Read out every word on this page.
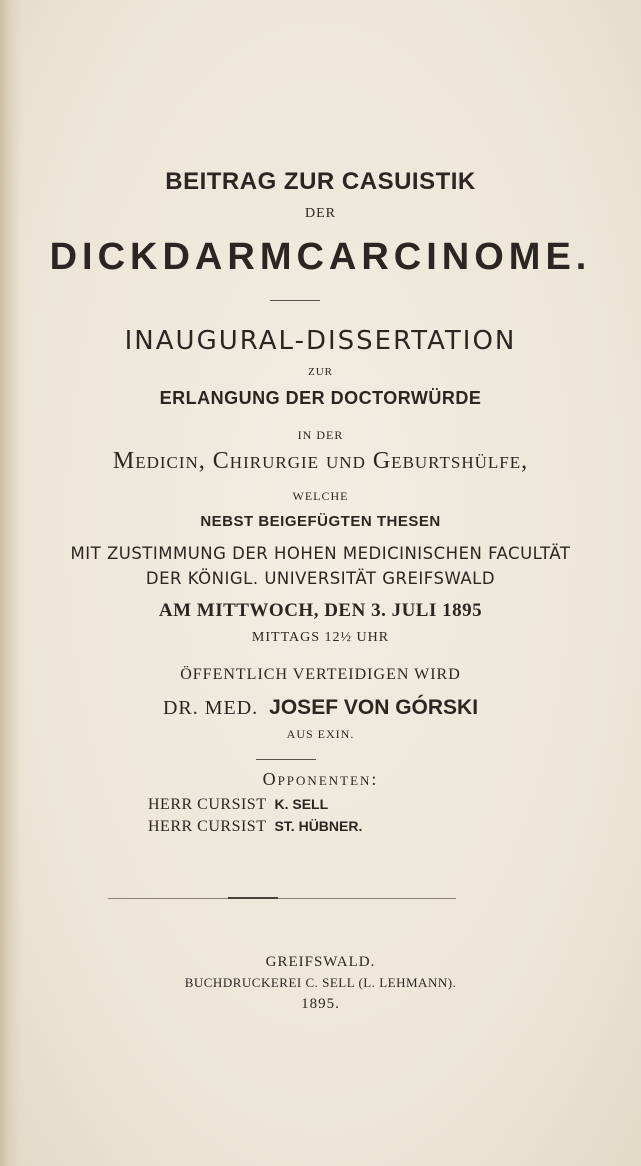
BEITRAG ZUR CASUISTIK
DER
DICKDARMCARCINOME.
INAUGURAL-DISSERTATION
ZUR
ERLANGUNG DER DOCTORWÜRDE
IN DER
Medicin, Chirurgie und Geburtshülfe,
WELCHE
NEBST BEIGEFÜGTEN THESEN
MIT ZUSTIMMUNG DER HOHEN MEDICINISCHEN FACULTÄT
DER KÖNIGL. UNIVERSITÄT GREIFSWALD
AM MITTWOCH, DEN 3. JULI 1895
MITTAGS 12½ UHR
ÖFFENTLICH VERTEIDIGEN WIRD
DR. MED. JOSEF VON GÓRSKI
AUS EXIN.
Opponenten:
HERR CURSIST K. SELL
HERR CURSIST ST. HÜBNER.
GREIFSWALD.
BUCHDRUCKEREI C. SELL (L. LEHMANN).
1895.
